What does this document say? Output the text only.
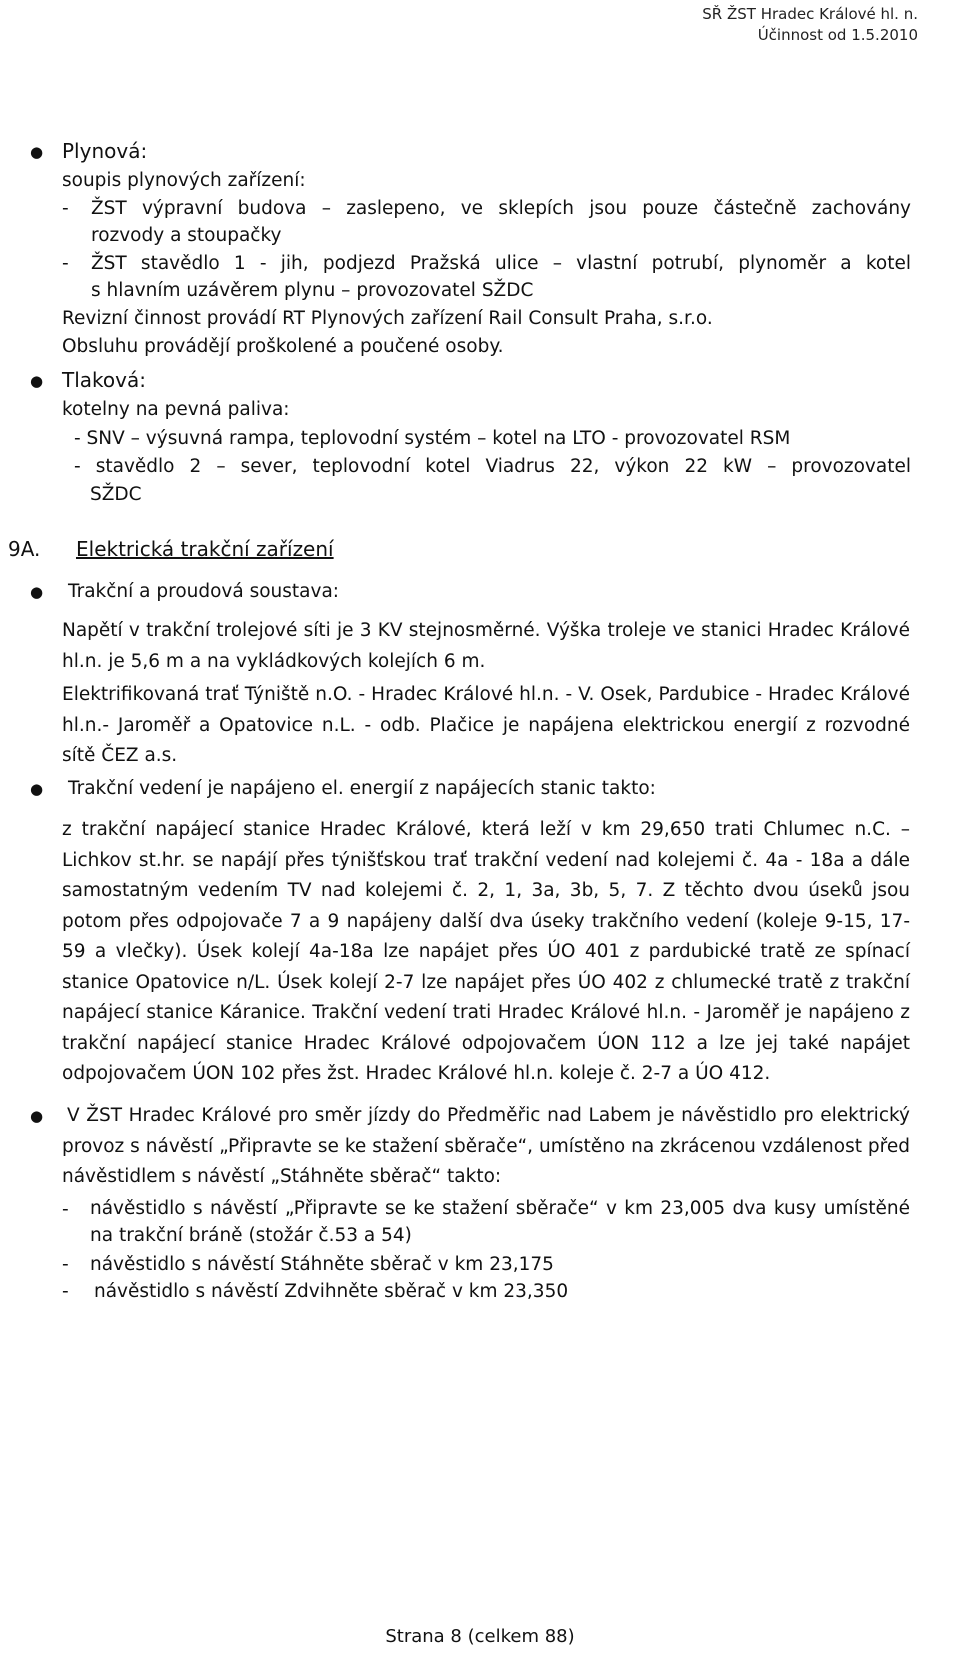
SŘ ŽST Hradec Králové hl. n.
Účinnost od 1.5.2010
● Plynová:
soupis plynových zařízení:
- ŽST výpravní budova – zaslepeno, ve sklepích jsou pouze částečně zachovány
rozvody a stoupačky
- ŽST stavědlo 1 - jih, podjezd Pražská ulice – vlastní potrubí, plynoměr a kotel
s hlavním uzávěrem plynu – provozovatel SŽDC
Revizní činnost provádí RT Plynových zařízení Rail Consult Praha, s.r.o.
Obsluhu provádějí proškolené a poučené osoby.
● Tlaková:
kotelny na pevná paliva:
- SNV – výsuvná rampa, teplovodní systém – kotel na LTO - provozovatel RSM
- stavědlo 2 – sever, teplovodní kotel Viadrus 22, výkon 22 kW – provozovatel
SŽDC
9A. Elektrická trakční zařízení
● Trakční a proudová soustava:
Napětí v trakční trolejové síti je 3 KV stejnosměrné. Výška troleje ve stanici Hradec Králové hl.n. je 5,6 m a na vykládkových kolejích 6 m.
Elektrifikovaná trať Týniště n.O. - Hradec Králové hl.n. - V. Osek, Pardubice - Hradec Králové hl.n.- Jaroměř a Opatovice n.L. - odb. Plačice je napájena elektrickou energií z rozvodné sítě ČEZ a.s.
● Trakční vedení je napájeno el. energií z napájecích stanic takto:
z trakční napájecí stanice Hradec Králové, která leží v km 29,650 trati Chlumec n.C. – Lichkov st.hr. se napájí přes týnišťskou trať trakční vedení nad kolejemi č. 4a - 18a a dále samostatným vedením TV nad kolejemi č. 2, 1, 3a, 3b, 5, 7. Z těchto dvou úseků jsou potom přes odpojovače 7 a 9 napájeny další dva úseky trakčního vedení (koleje 9-15, 17-59 a vlečky). Úsek kolejí 4a-18a lze napájet přes ÚO 401 z pardubické tratě ze spínací stanice Opatovice n/L. Úsek kolejí 2-7 lze napájet přes ÚO 402 z chlumecké tratě z trakční napájecí stanice Káranice. Trakční vedení trati Hradec Králové hl.n. - Jaroměř je napájeno z trakční napájecí stanice Hradec Králové odpojovačem ÚON 112 a lze jej také napájet odpojovačem ÚON 102 přes žst. Hradec Králové hl.n. koleje č. 2-7 a ÚO 412.
● V ŽST Hradec Králové pro směr jízdy do Předměřic nad Labem je návěstidlo pro elektrický provoz s návěstí „Připravte se ke stažení sběrače“, umístěno na zkrácenou vzdálenost před návěstidlem s návěstí „Stáhněte sběrač“ takto:
- návěstidlo s návěstí „Připravte se ke stažení sběrače“ v km 23,005 dva kusy umístěné na trakční bráně (stožár č.53 a 54)
- návěstidlo s návěstí Stáhněte sběrač v km 23,175
- návěstidlo s návěstí Zdvihněte sběrač v km 23,350
Strana 8 (celkem 88)
